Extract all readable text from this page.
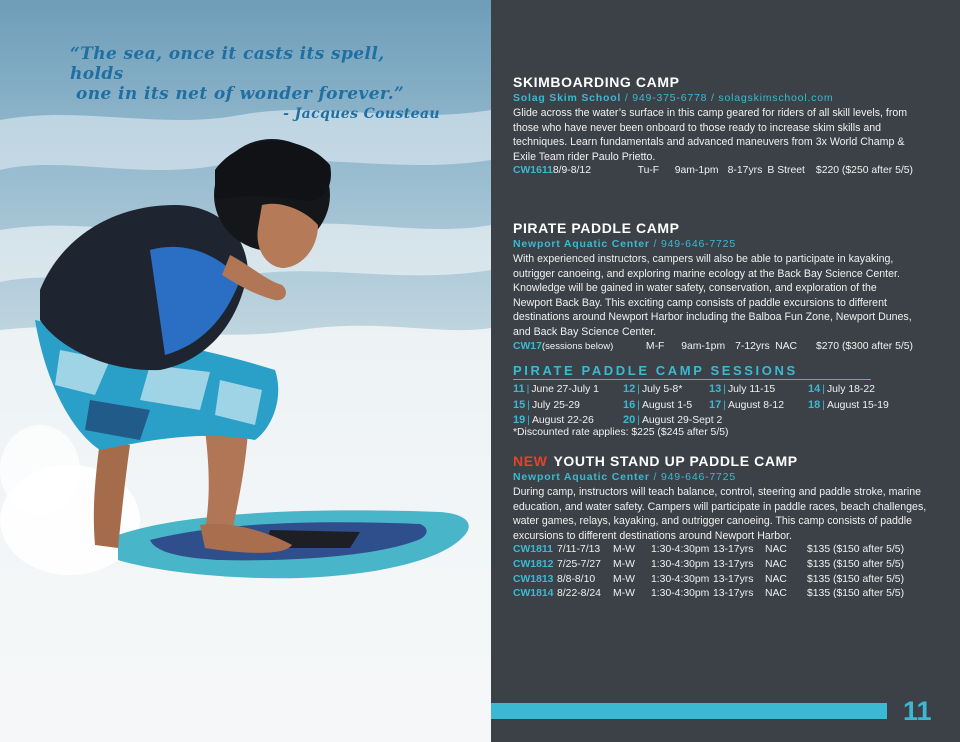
“The sea, once it casts its spell, holds
one in its net of wonder forever.”
- Jacques Cousteau
SKIMBOARDING CAMP
Solag Skim School / 949-375-6778 / solagskimschool.com

Glide across the water’s surface in this camp geared for riders of all skill levels, from those who have never been onboard to those ready to increase skim skills and techniques. Learn fundamentals and advanced maneuvers from 3x World Champ & Exile Team rider Paulo Prietto.

CW1611 8/9-8/12	Tu-F	9am-1pm 8-17yrs B Street	$220 ($250 after 5/5)
PIRATE PADDLE CAMP
Newport Aquatic Center / 949-646-7725

With experienced instructors, campers will also be able to participate in kayaking, outrigger canoeing, and exploring marine ecology at the Back Bay Science Center. Knowledge will be gained in water safety, conservation, and exploration of the Newport Back Bay. This exciting camp consists of paddle excursions to different destinations around Newport Harbor including the Balboa Fun Zone, Newport Dunes, and Back Bay Science Center.

CW17 (sessions below)	M-F	9am-1pm 7-12yrs NAC	$270 ($300 after 5/5)
PIRATE PADDLE CAMP SESSIONS
11 | June 27-July 1	12 | July 5-8*	13 | July 11-15	14 | July 18-22
15 | July 25-29	16 | August 1-5	17 | August 8-12	18 | August 15-19
19 | August 22-26	20 | August 29-Sept 2
*Discounted rate applies: $225 ($245 after 5/5)
NEW YOUTH STAND UP PADDLE CAMP
Newport Aquatic Center / 949-646-7725

During camp, instructors will teach balance, control, steering and paddle stroke, marine education, and water safety. Campers will participate in paddle races, beach challenges, water games, relays, kayaking, and outrigger canoeing. This camp consists of paddle excursions to different destinations around Newport Harbor.

CW1811 7/11-7/13	M-W	1:30-4:30pm 13-17yrs	NAC	$135 ($150 after 5/5)
CW1812 7/25-7/27	M-W	1:30-4:30pm 13-17yrs	NAC	$135 ($150 after 5/5)
CW1813 8/8-8/10	M-W	1:30-4:30pm 13-17yrs	NAC	$135 ($150 after 5/5)
CW1814 8/22-8/24	M-W	1:30-4:30pm 13-17yrs	NAC	$135 ($150 after 5/5)
11
